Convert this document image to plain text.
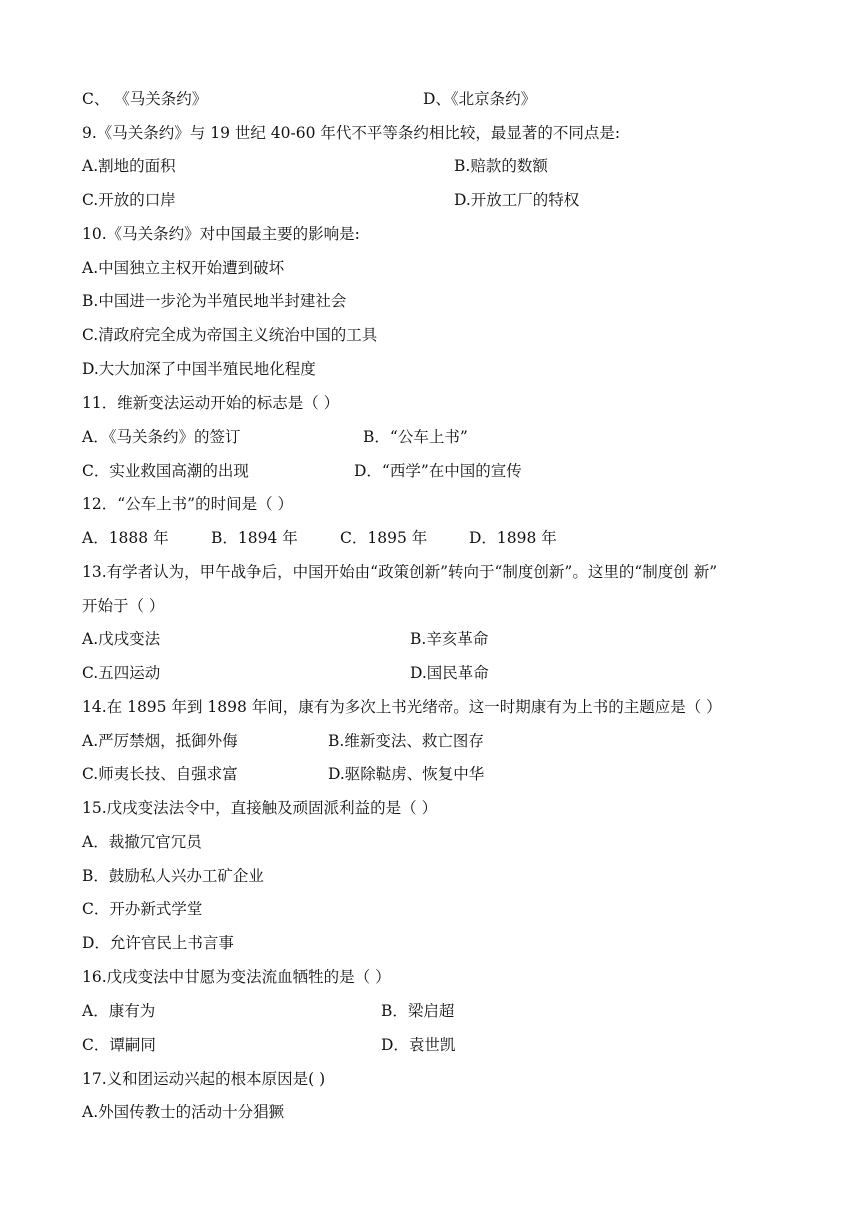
C、 《马关条约》	D、《北京条约》
9.《马关条约》与 19 世纪 40-60 年代不平等条约相比较，最显著的不同点是:
A.割地的面积	B.赔款的数额
C.开放的口岸	D.开放工厂的特权
10.《马关条约》对中国最主要的影响是:
A.中国独立主权开始遭到破坏
B.中国进一步沦为半殖民地半封建社会
C.清政府完全成为帝国主义统治中国的工具
D.大大加深了中国半殖民地化程度
11．维新变法运动开始的标志是（ ）
A．《马关条约》的签订	B．“公车上书”
C．实业救国高潮的出现	D．“西学”在中国的宣传
12．“公车上书”的时间是（ ）
A．1888 年	B．1894 年	C．1895 年	D．1898 年
13.有学者认为，甲午战争后，中国开始由“政策创新”转向于“制度创新”。这里的“制度创 新”
开始于（ ）
A.戊戌变法	B.辛亥革命
C.五四运动	D.国民革命
14.在 1895 年到 1898 年间，康有为多次上书光绪帝。这一时期康有为上书的主题应是（ ）
A.严厉禁烟，抵御外侮	B.维新变法、救亡图存
C.师夷长技、自强求富	D.驱除鞑虏、恢复中华
15.戊戌变法法令中，直接触及顽固派利益的是（ ）
A．裁撤冗官冗员
B．鼓励私人兴办工矿企业
C．开办新式学堂
D．允许官民上书言事
16.戊戌变法中甘愿为变法流血牺牲的是（ ）
A．康有为	B．梁启超
C．谭嗣同	D．袁世凯
17.义和团运动兴起的根本原因是( )
A.外国传教士的活动十分猖獗
